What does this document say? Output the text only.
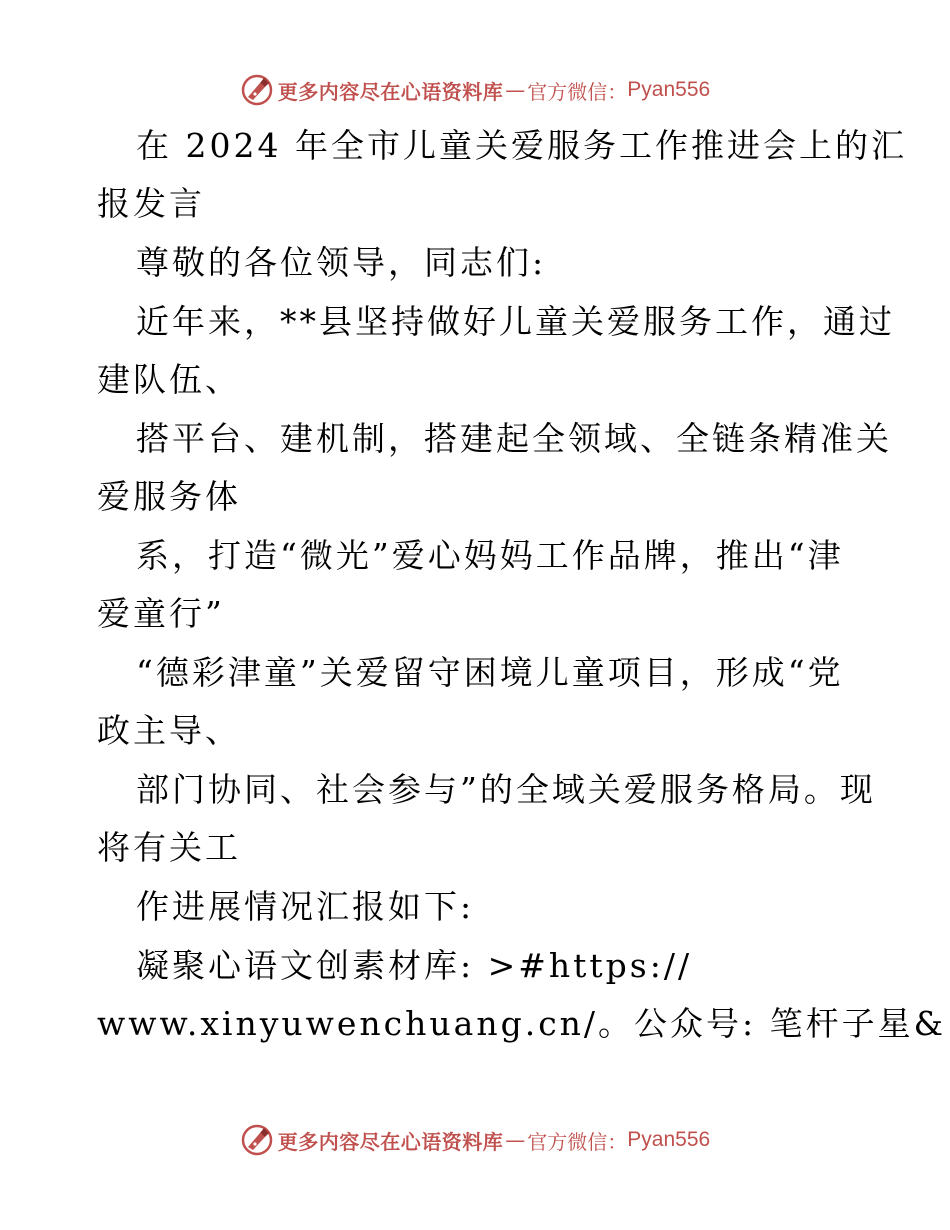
更多内容尽在心语资料库 — 官方微信： Pyan556
在 2024 年全市儿童关爱服务工作推进会上的汇
报发言
尊敬的各位领导，同志们:
近年来，**县坚持做好儿童关爱服务工作，通过
建队伍、
搭平台、建机制，搭建起全领域、全链条精准关
爱服务体
系，打造“微光”爱心妈妈工作品牌，推出“津
爱童行”
“德彩津童”关爱留守困境儿童项目，形成“党
政主导、
部门协同、社会参与”的全域关爱服务格局。现
将有关工
作进展情况汇报如下:
凝聚心语文创素材库: >#https://
www.xinyuwenchuang.cn/。公众号: 笔杆子星&
更多内容尽在心语资料库 — 官方微信： Pyan556
